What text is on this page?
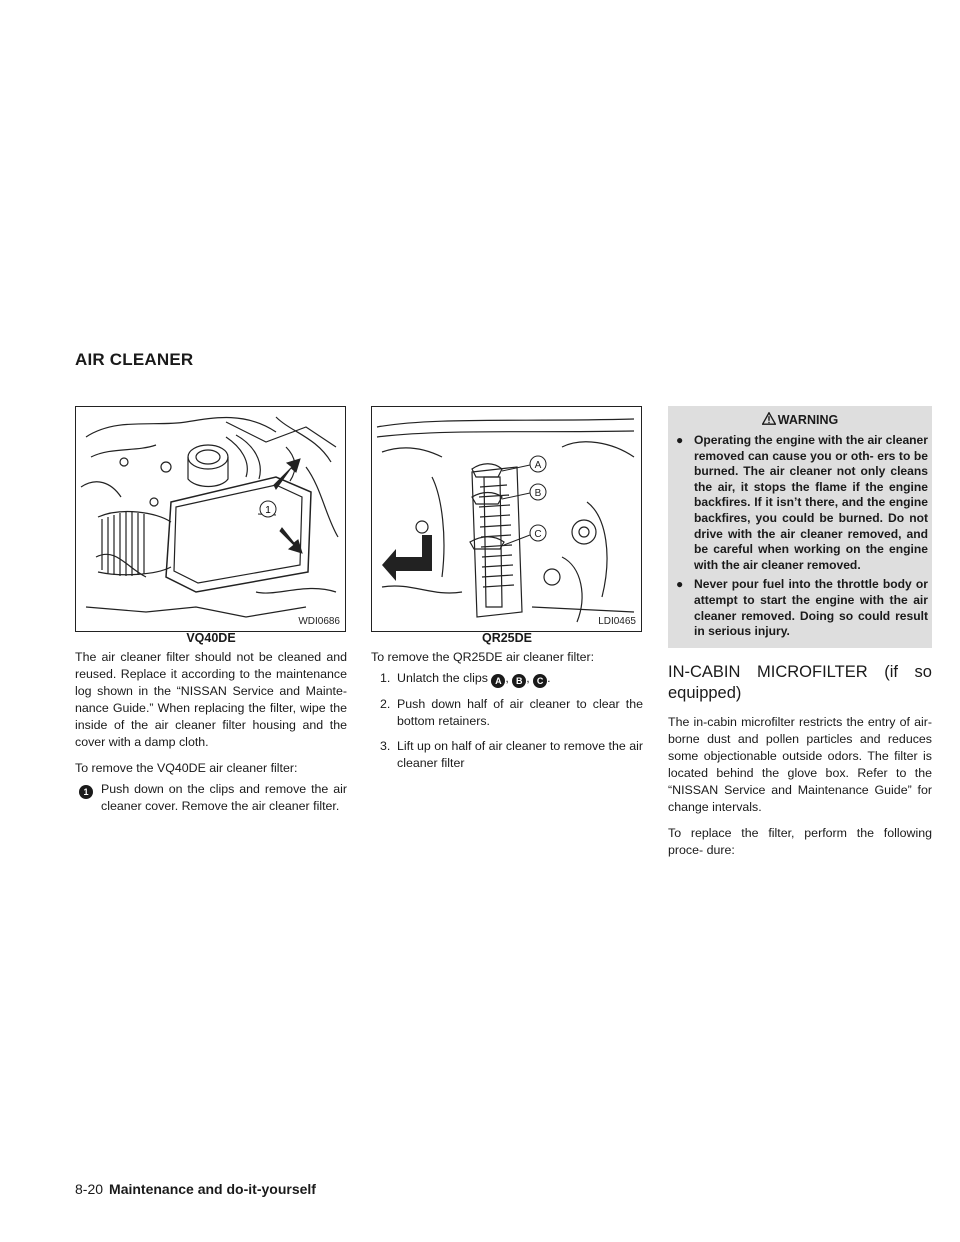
AIR CLEANER
1
WDI0686
VQ40DE
A
B
C
LDI0465
QR25DE

The air cleaner filter should not be cleaned and reused. Replace it according to the maintenance log shown in the “NISSAN Service and Mainte- nance Guide.” When replacing the filter, wipe the inside of the air cleaner filter housing and the cover with a damp cloth.

To remove the VQ40DE air cleaner filter:

1	Push down on the clips and remove the air cleaner cover. Remove the air cleaner filter.

To remove the QR25DE air cleaner filter:

1. Unlatch the clips A , B , C .
2. Push down half of air cleaner to clear the bottom retainers.
3. Lift up on half of air cleaner to remove the air cleaner filter
WARNING
● Operating the engine with the air cleaner removed can cause you or oth- ers to be burned. The air cleaner not only cleans the air, it stops the flame if the engine backfires. If it isn’t there, and the engine backfires, you could be burned. Do not drive with the air cleaner removed, and be careful when working on the engine with the air cleaner removed.
● Never pour fuel into the throttle body or attempt to start the engine with the air cleaner removed. Doing so could result in serious injury.
IN-CABIN MICROFILTER (if so equipped)

The in-cabin microfilter restricts the entry of air- borne dust and pollen particles and reduces some objectionable outside odors. The filter is located behind the glove box. Refer to the “NISSAN Service and Maintenance Guide” for change intervals.

To replace the filter, perform the following proce- dure:

8-20 Maintenance and do-it-yourself
